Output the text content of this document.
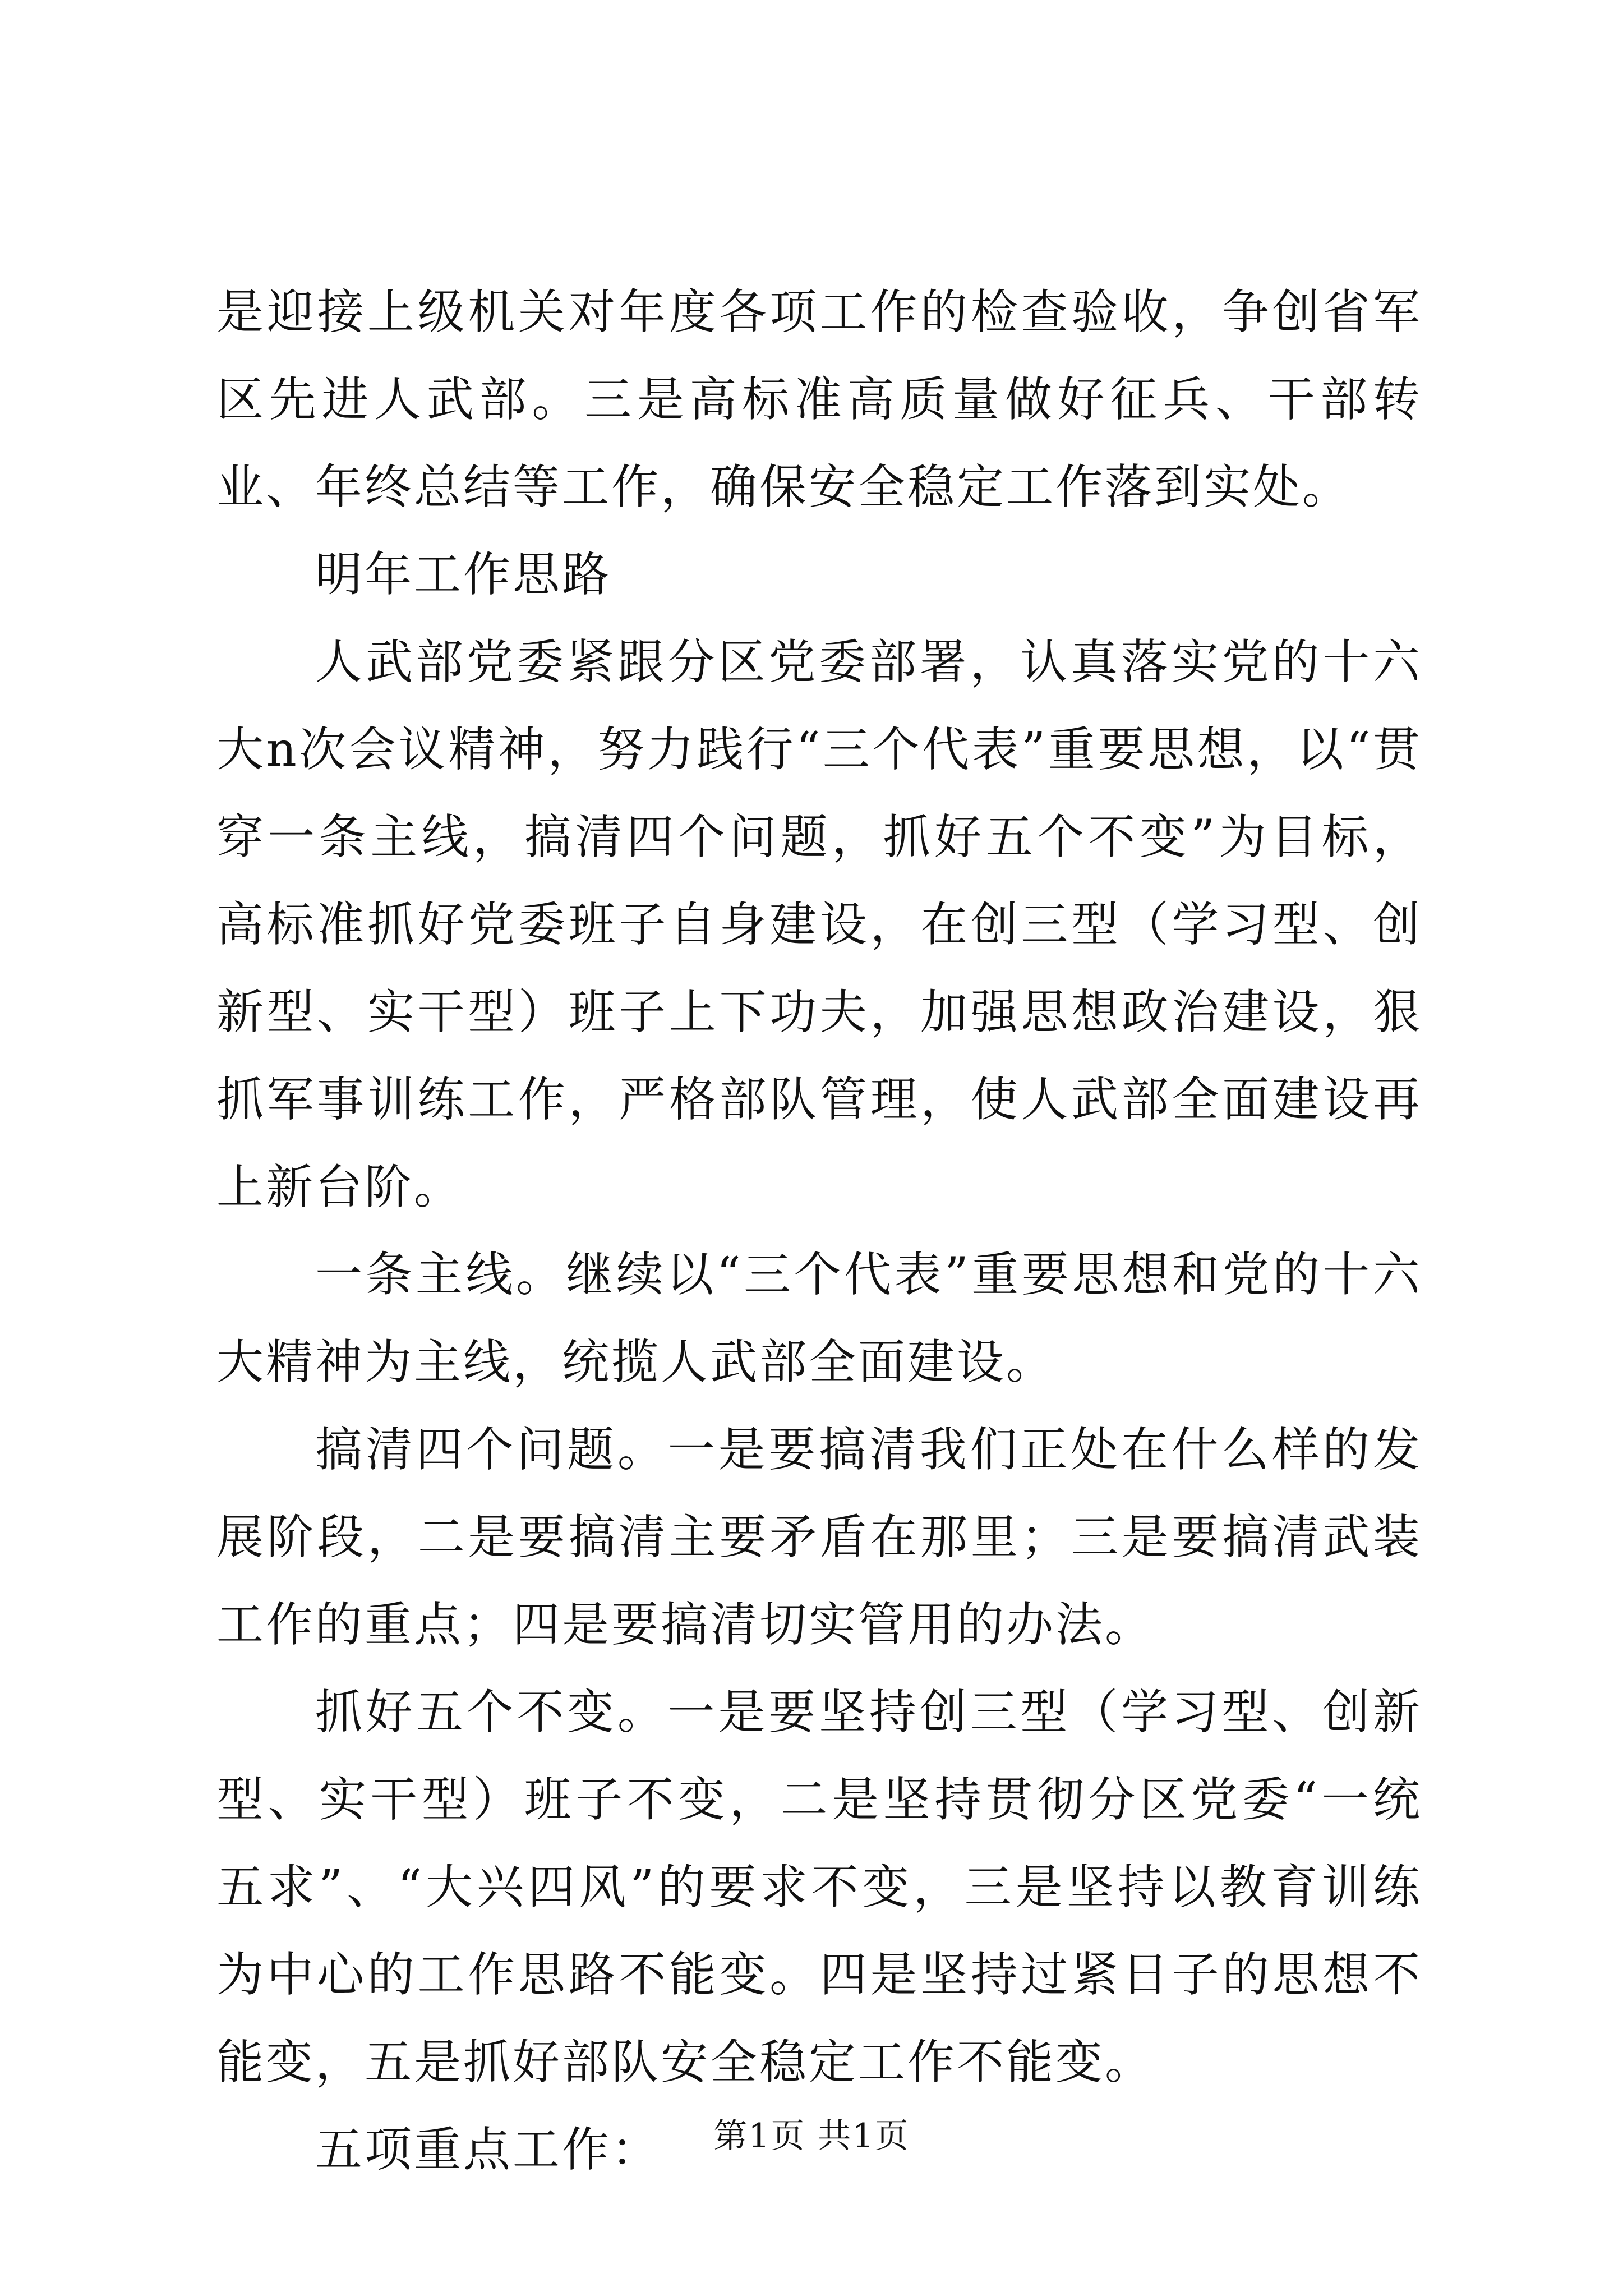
是迎接上级机关对年度各项工作的检查验收，争创省军区先进人武部。三是高标准高质量做好征兵、干部转业、年终总结等工作，确保安全稳定工作落到实处。

明年工作思路

人武部党委紧跟分区党委部署，认真落实党的十六大n次会议精神，努力践行“三个代表”重要思想，以“贯穿一条主线，搞清四个问题，抓好五个不变”为目标，高标准抓好党委班子自身建设，在创三型（学习型、创新型、实干型）班子上下功夫，加强思想政治建设，狠抓军事训练工作，严格部队管理，使人武部全面建设再上新台阶。

一条主线。继续以“三个代表”重要思想和党的十六大精神为主线，统揽人武部全面建设。

搞清四个问题。一是要搞清我们正处在什么样的发展阶段，二是要搞清主要矛盾在那里；三是要搞清武装工作的重点；四是要搞清切实管用的办法。

抓好五个不变。一是要坚持创三型（学习型、创新型、实干型）班子不变，二是坚持贯彻分区党委“一统五求”、“大兴四风”的要求不变，三是坚持以教育训练为中心的工作思路不能变。四是坚持过紧日子的思想不能变，五是抓好部队安全稳定工作不能变。

五项重点工作：	第1页 共1页
